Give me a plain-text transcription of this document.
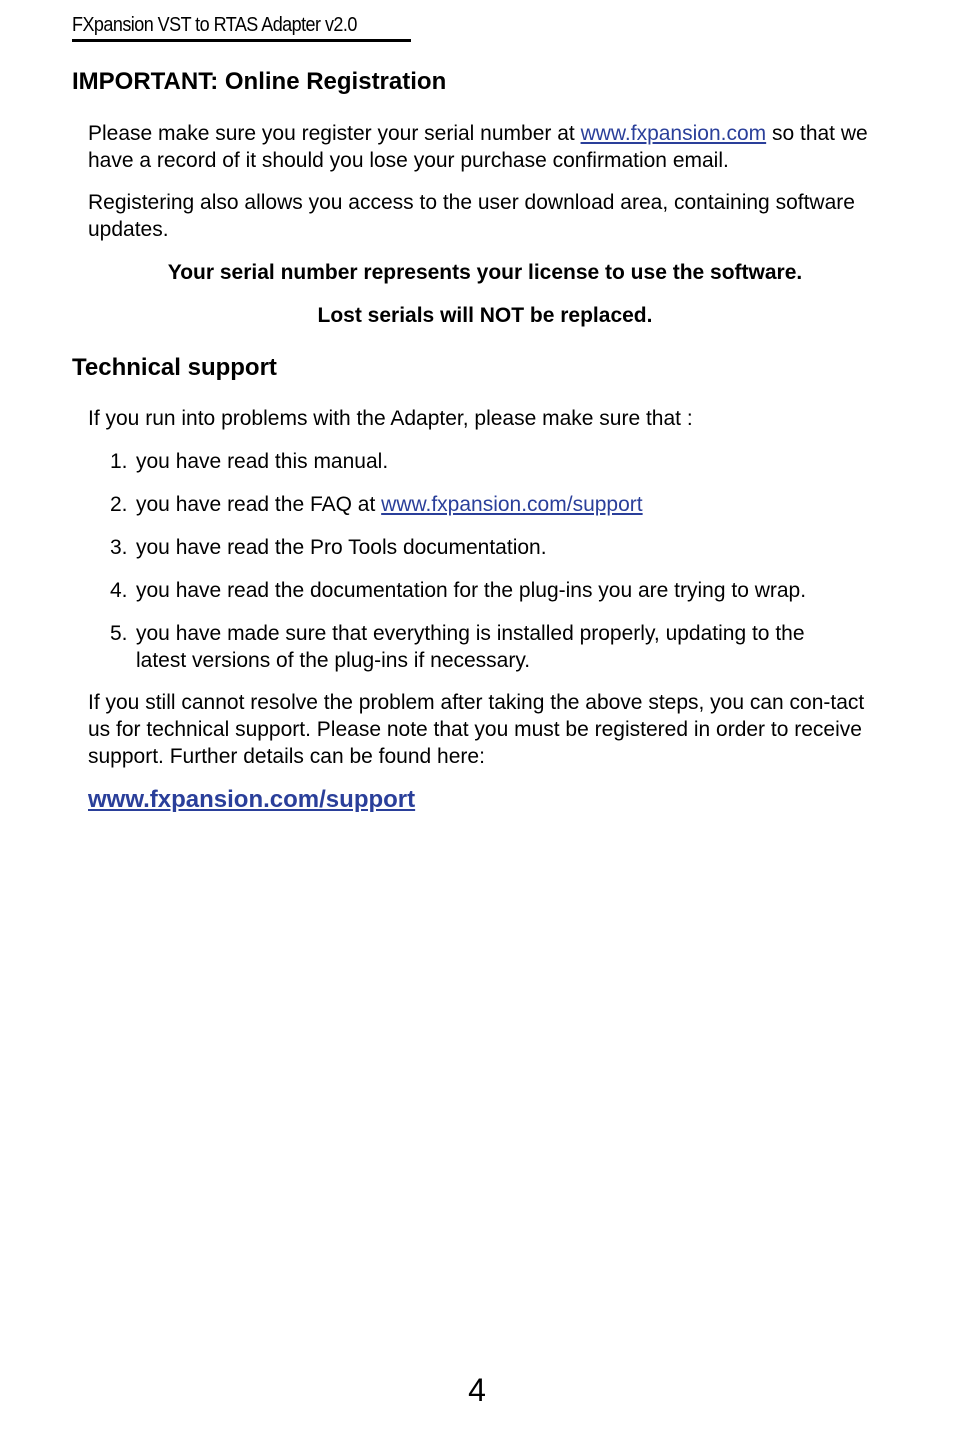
FXpansion VST to RTAS Adapter v2.0
IMPORTANT: Online Registration

Please make sure you register your serial number at www.fxpansion.com so that we have a record of it should you lose your purchase confirmation email.

Registering also allows you access to the user download area, containing software updates.

Your serial number represents your license to use the software.

Lost serials will NOT be replaced.

Technical support

If you run into problems with the Adapter, please make sure that :

1. you have read this manual.
2. you have read the FAQ at www.fxpansion.com/support
3. you have read the Pro Tools documentation.
4. you have read the documentation for the plug-ins you are trying to wrap.
5. you have made sure that everything is installed properly, updating to the latest versions of the plug-ins if necessary.

If you still cannot resolve the problem after taking the above steps, you can con-tact us for technical support. Please note that you must be registered in order to receive support. Further details can be found here:

www.fxpansion.com/support
4
